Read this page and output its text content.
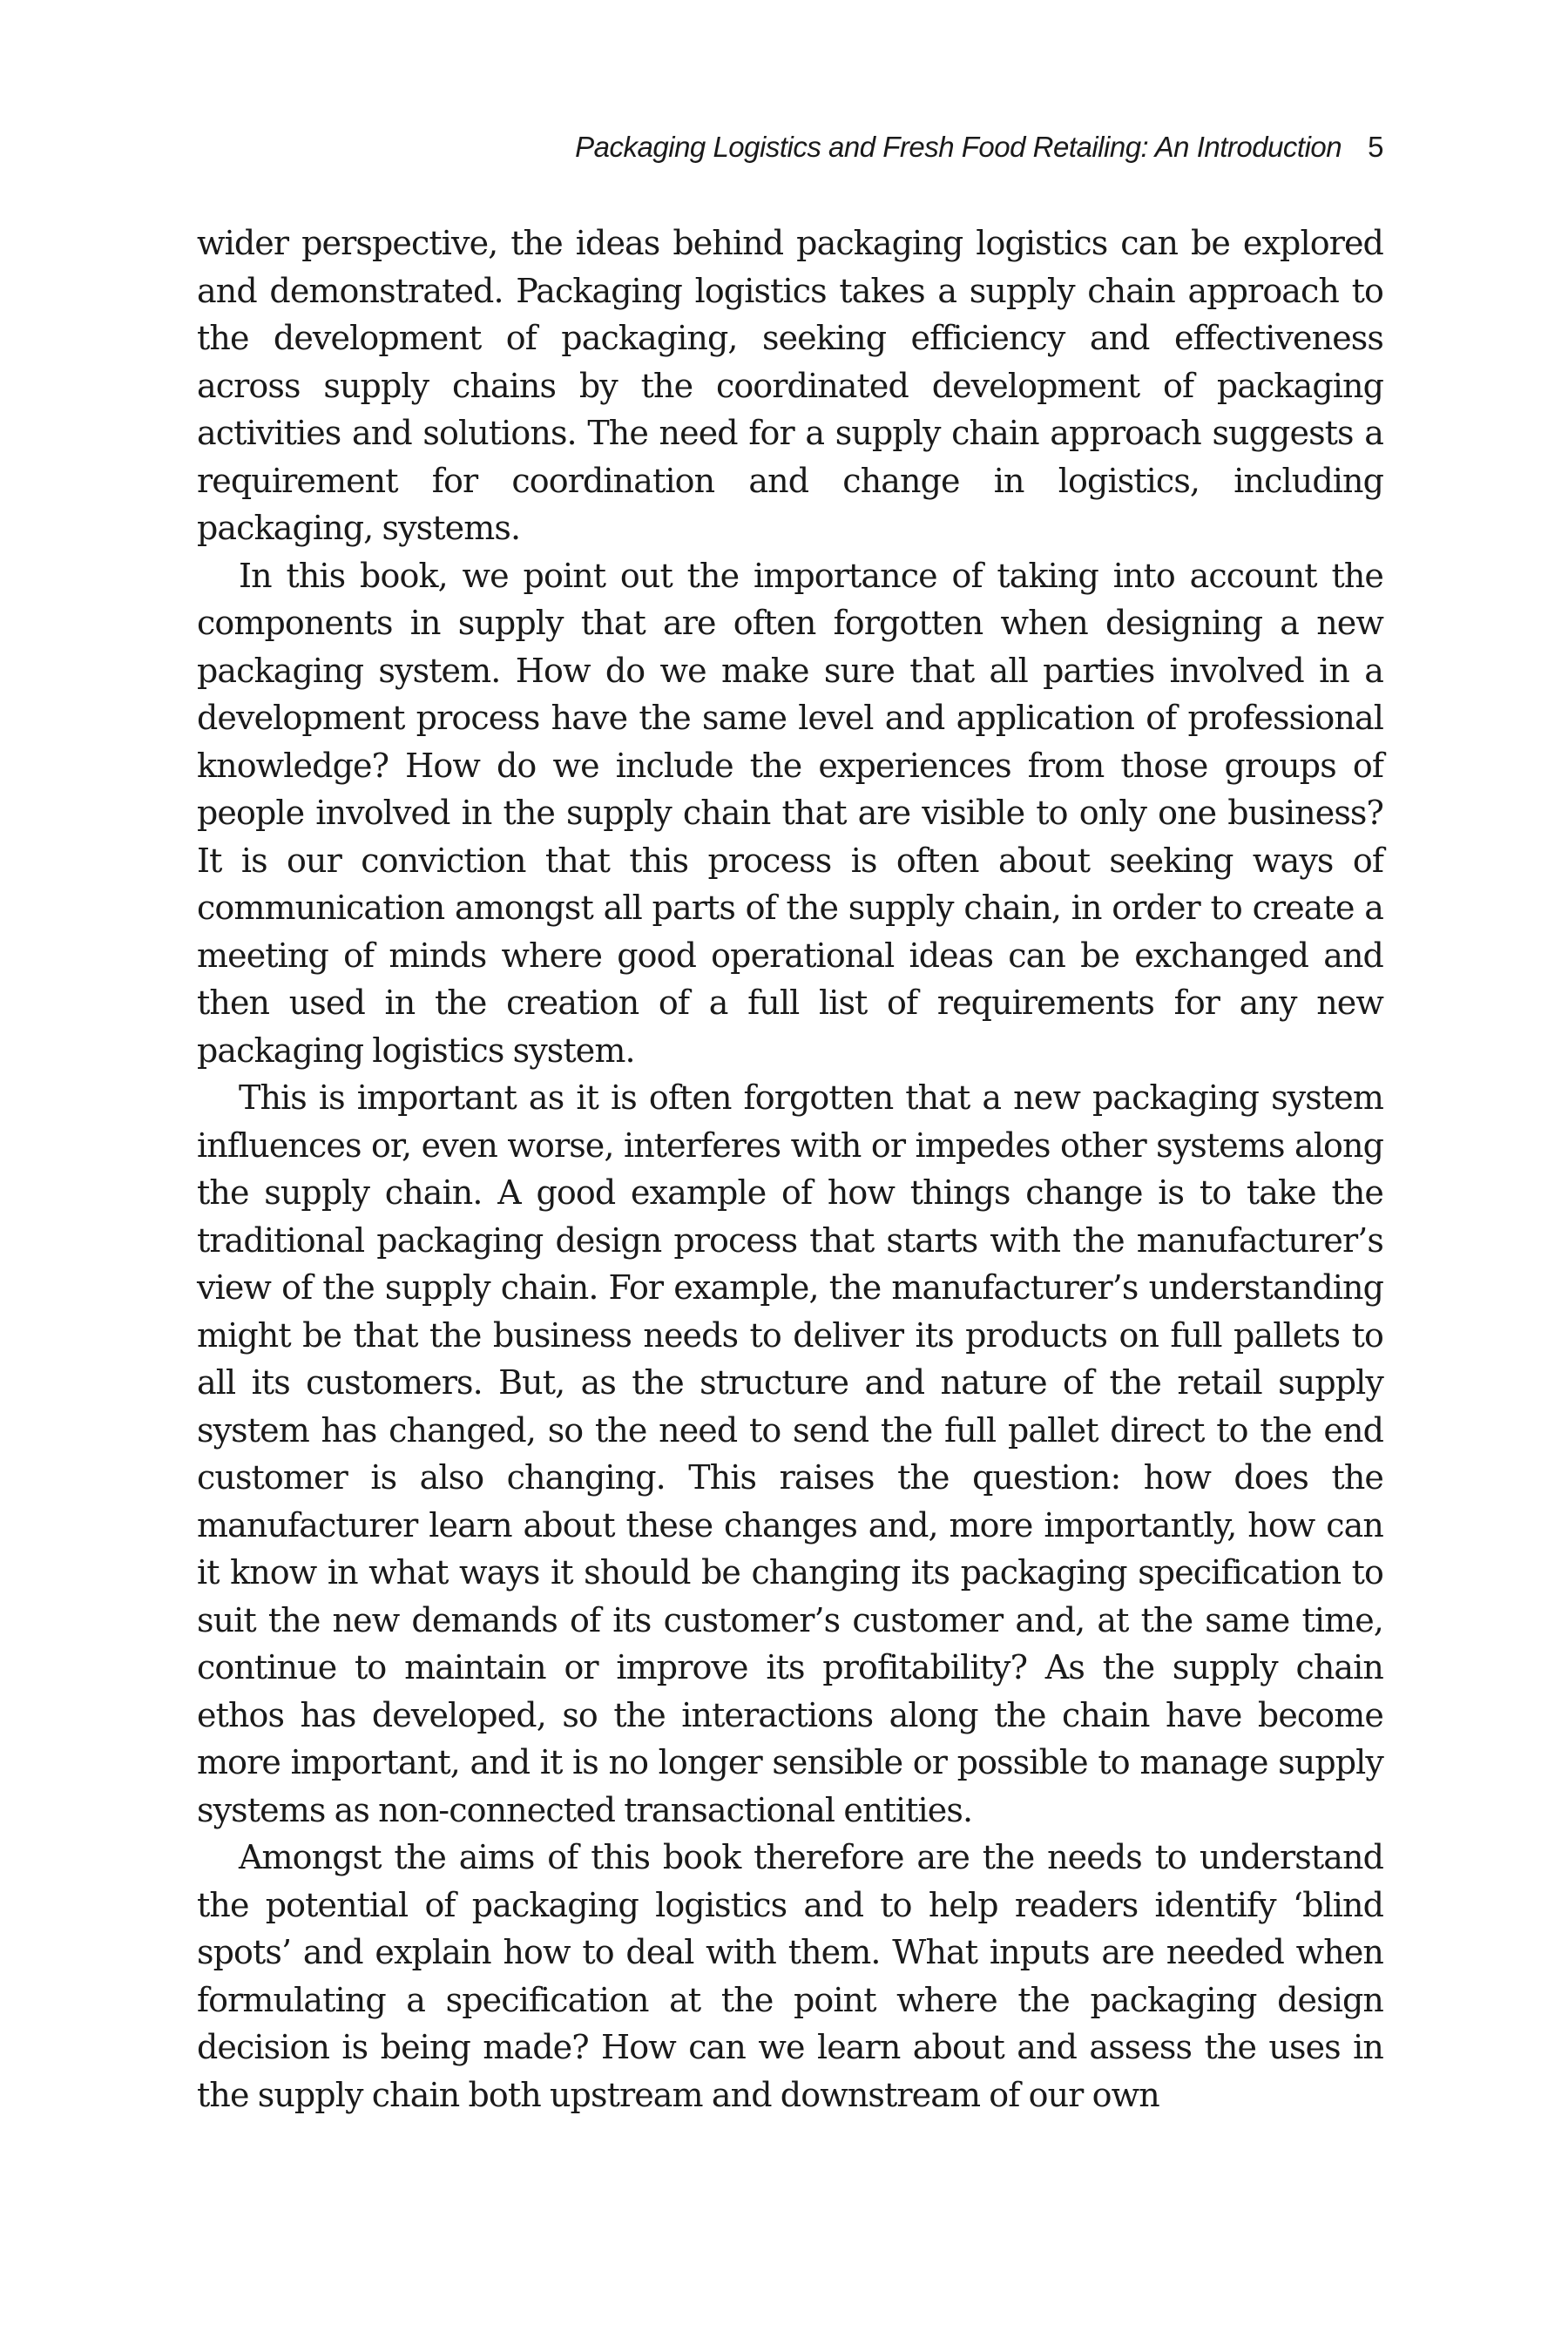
Packaging Logistics and Fresh Food Retailing: An Introduction 5

wider perspective, the ideas behind packaging logistics can be explored and demonstrated. Packaging logistics takes a supply chain approach to the development of packaging, seeking efficiency and effectiveness across supply chains by the coordinated development of packaging activities and solutions. The need for a supply chain approach suggests a requirement for coordination and change in logistics, including packaging, systems.

In this book, we point out the importance of taking into account the components in supply that are often forgotten when designing a new packaging system. How do we make sure that all parties involved in a development process have the same level and application of professional knowledge? How do we include the experiences from those groups of people involved in the supply chain that are visible to only one business? It is our conviction that this process is often about seeking ways of communication amongst all parts of the supply chain, in order to create a meeting of minds where good operational ideas can be exchanged and then used in the creation of a full list of requirements for any new packaging logistics system.

This is important as it is often forgotten that a new packaging system influences or, even worse, interferes with or impedes other systems along the supply chain. A good example of how things change is to take the traditional packaging design process that starts with the manufacturer’s view of the supply chain. For example, the manufacturer’s understanding might be that the business needs to deliver its products on full pallets to all its customers. But, as the structure and nature of the retail supply system has changed, so the need to send the full pallet direct to the end customer is also changing. This raises the question: how does the manufacturer learn about these changes and, more importantly, how can it know in what ways it should be changing its packaging specification to suit the new demands of its customer’s customer and, at the same time, continue to maintain or improve its profitability? As the supply chain ethos has developed, so the interactions along the chain have become more important, and it is no longer sensible or possible to manage supply systems as non-connected transactional entities.

Amongst the aims of this book therefore are the needs to understand the potential of packaging logistics and to help readers identify ‘blind spots’ and explain how to deal with them. What inputs are needed when formulating a specification at the point where the packaging design decision is being made? How can we learn about and assess the uses in the supply chain both upstream and downstream of our own
